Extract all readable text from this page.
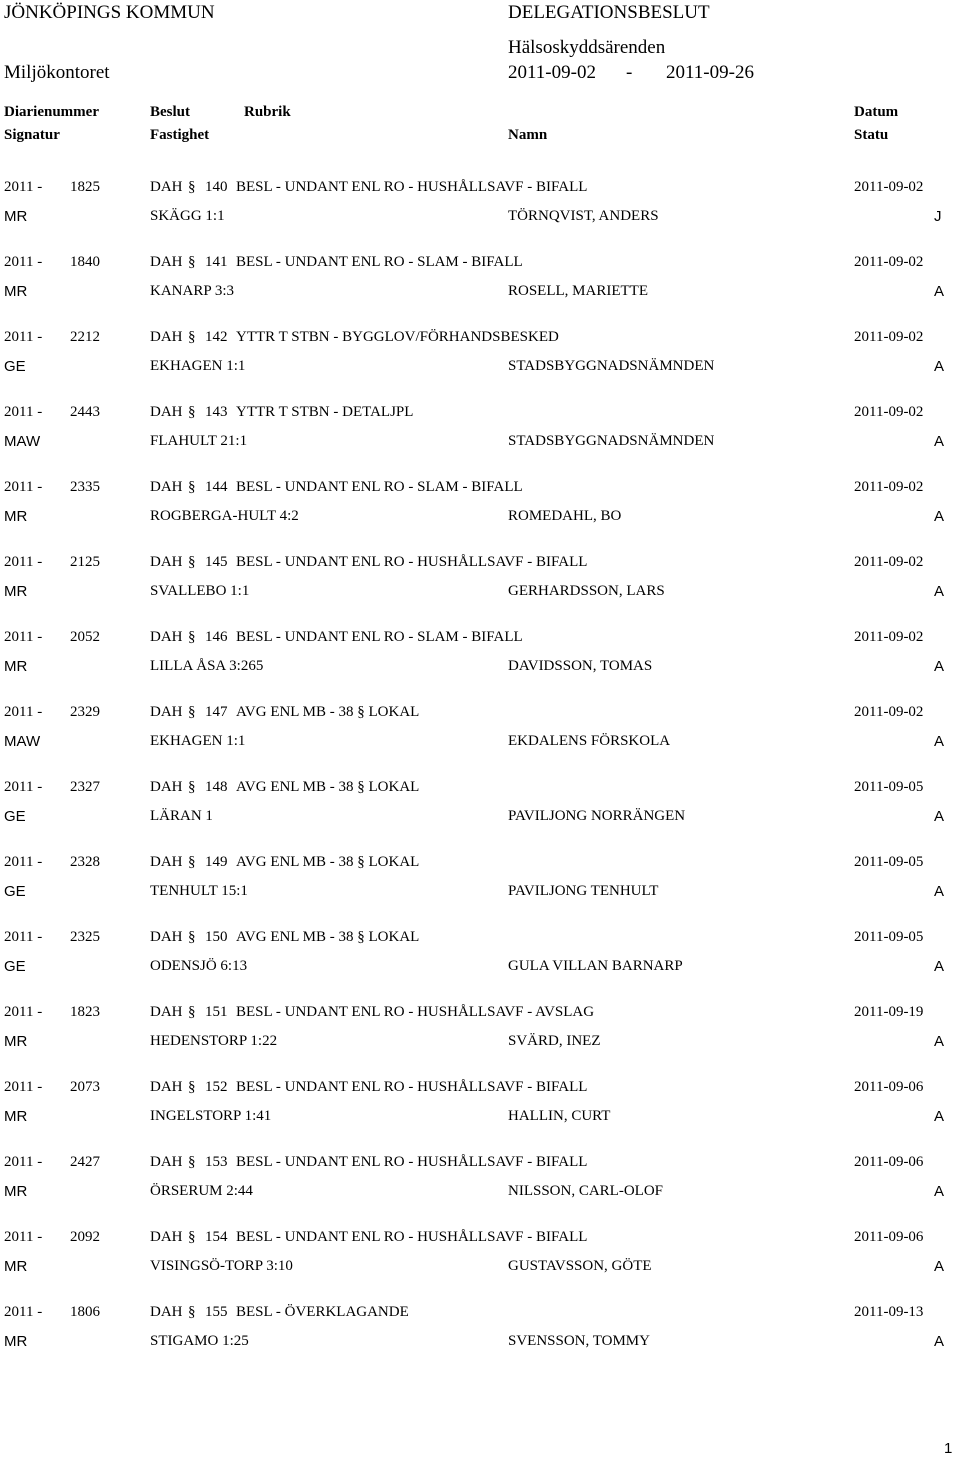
JÖNKÖPINGS KOMMUN
Miljökontoret
DELEGATIONSBESLUT
Hälsoskyddsärenden
2011-09-02 - 2011-09-26
Diarienummer	Beslut	Rubrik	Datum
Signatur	Fastighet	Namn	Statu
2011 - 1825	DAH § 140 BESL - UNDANT ENL RO - HUSHÅLLSAVF - BIFALL	2011-09-02
MR	SKÄGG 1:1	TÖRNQVIST, ANDERS	J
2011 - 1840	DAH § 141 BESL - UNDANT ENL RO - SLAM - BIFALL	2011-09-02
MR	KANARP 3:3	ROSELL, MARIETTE	A
2011 - 2212	DAH § 142 YTTR T STBN - BYGGLOV/FÖRHANDSBESKED	2011-09-02
GE	EKHAGEN 1:1	STADSBYGGNADSNÄMNDEN	A
2011 - 2443	DAH § 143 YTTR T STBN - DETALJPL	2011-09-02
MAW	FLAHULT 21:1	STADSBYGGNADSNÄMNDEN	A
2011 - 2335	DAH § 144 BESL - UNDANT ENL RO - SLAM - BIFALL	2011-09-02
MR	ROGBERGA-HULT 4:2	ROMEDAHL, BO	A
2011 - 2125	DAH § 145 BESL - UNDANT ENL RO - HUSHÅLLSAVF - BIFALL	2011-09-02
MR	SVALLEBO 1:1	GERHARDSSON, LARS	A
2011 - 2052	DAH § 146 BESL - UNDANT ENL RO - SLAM - BIFALL	2011-09-02
MR	LILLA ÅSA 3:265	DAVIDSSON, TOMAS	A
2011 - 2329	DAH § 147 AVG ENL MB - 38 § LOKAL	2011-09-02
MAW	EKHAGEN 1:1	EKDALENS FÖRSKOLA	A
2011 - 2327	DAH § 148 AVG ENL MB - 38 § LOKAL	2011-09-05
GE	LÄRAN 1	PAVILJONG NORRÄNGEN	A
2011 - 2328	DAH § 149 AVG ENL MB - 38 § LOKAL	2011-09-05
GE	TENHULT 15:1	PAVILJONG TENHULT	A
2011 - 2325	DAH § 150 AVG ENL MB - 38 § LOKAL	2011-09-05
GE	ODENSJÖ 6:13	GULA VILLAN BARNARP	A
2011 - 1823	DAH § 151 BESL - UNDANT ENL RO - HUSHÅLLSAVF - AVSLAG	2011-09-19
MR	HEDENSTORP 1:22	SVÄRD, INEZ	A
2011 - 2073	DAH § 152 BESL - UNDANT ENL RO - HUSHÅLLSAVF - BIFALL	2011-09-06
MR	INGELSTORP 1:41	HALLIN, CURT	A
2011 - 2427	DAH § 153 BESL - UNDANT ENL RO - HUSHÅLLSAVF - BIFALL	2011-09-06
MR	ÖRSERUM 2:44	NILSSON, CARL-OLOF	A
2011 - 2092	DAH § 154 BESL - UNDANT ENL RO - HUSHÅLLSAVF - BIFALL	2011-09-06
MR	VISINGSÖ-TORP 3:10	GUSTAVSSON, GÖTE	A
2011 - 1806	DAH § 155 BESL - ÖVERKLAGANDE	2011-09-13
MR	STIGAMO 1:25	SVENSSON, TOMMY	A
1
